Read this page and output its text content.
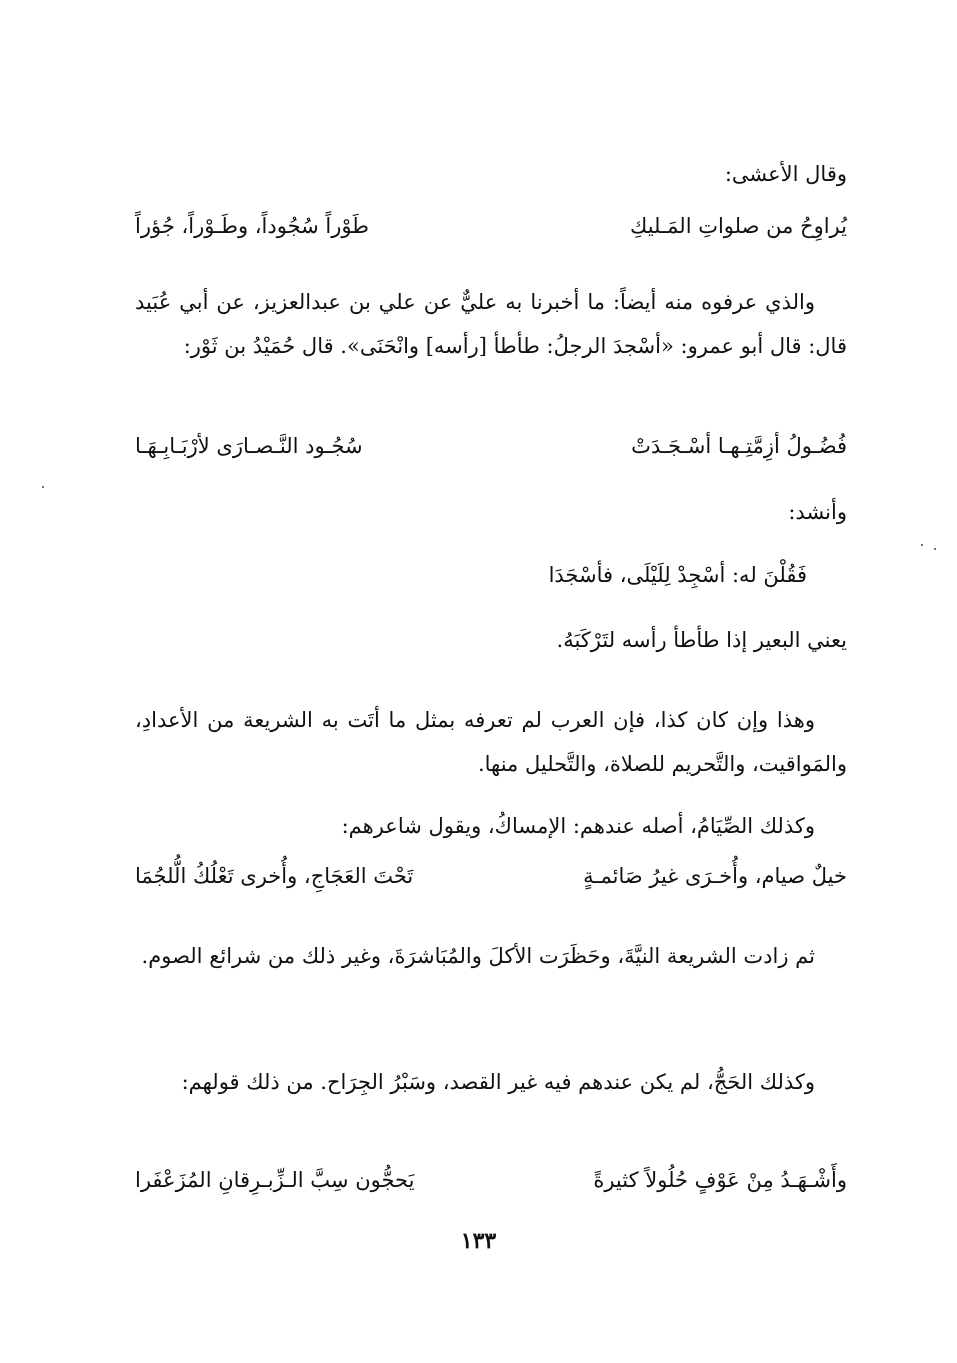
وقال الأعشى:
يُراوِحُ من صلواتِ المَـليكِ
طَوْراً سُجُوداً، وطَـوْراً، جُؤراً
والذي عرفوه منه أيضاً: ما أخبرنا به عليٌّ عن علي بن عبدالعزيز، عن أبي عُبَيد قال: قال أبو عمرو: «أسْجدَ الرجلُ: طأطأ [رأسه] وانْحَنَى». قال حُمَيْدُ بن ثَوْر:
فُضُـولُ أزِمَّتِـهـا أسْـجَـدَتْ
سُجُـود النَّـصـارَى لأرْبَـابِـهَـا
وأنشد:
فَقُلْنَ له: أسْجِدْ لِلَيْلَى، فأسْجَدَا
يعني البعير إذا طأطأ رأسه لتَرْكَبَهُ.
وهذا وإن كان كذا، فإن العرب لم تعرفه بمثل ما أتَت به الشريعة من الأعدادِ، والمَواقيت، والتَّحريم للصلاة، والتَّحليل منها.
وكذلك الصِّيَامُ، أصله عندهم: الإمساكُ، ويقول شاعرهم:
خيلٌ صيام، وأُخـرَى غيرُ صَائمـةٍ
تَحْتَ العَجَاجِ، وأُخرى تَعْلُكُ الُّلجُمَا
ثم زادت الشريعة النيَّةَ، وحَظَرَت الأكلَ والمُبَاشرَةَ، وغير ذلك من شرائع الصوم.
وكذلك الحَجُّ، لم يكن عندهم فيه غير القصد، وسَبْرُ الجِرَاح. من ذلك قولهم:
وأَشْـهَـدُ مِنْ عَوْفٍ حُلُولاً كثيرةً
يَحجُّون سِبَّ الـزِّبـرِقانِ المُزَعْفَرا
١٣٣
